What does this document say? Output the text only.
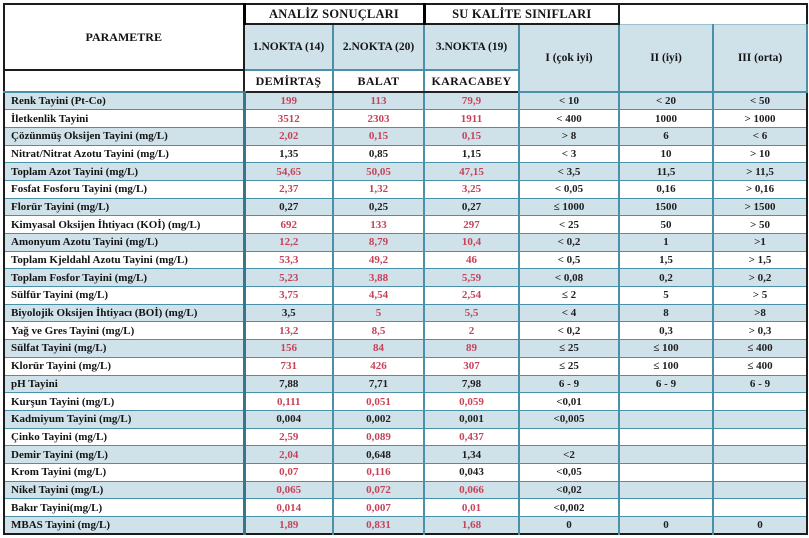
PARAMETRE	ANALİZ SONUÇLARI		SU KALİTE SINIFLARI			
	1.NOKTA (14)	2.NOKTA (20)	3.NOKTA (19)	I (çok iyi)	II (iyi)	III (orta)
	DEMİRTAŞ	BALAT	KARACABEY			
Renk Tayini (Pt-Co)	199	113	79,9	< 10	< 20	< 50
İletkenlik Tayini	3512	2303	1911	< 400	1000	> 1000
Çözünmüş Oksijen Tayini (mg/L)	2,02	0,15	0,15	> 8	6	< 6
Nitrat/Nitrat Azotu Tayini (mg/L)	1,35	0,85	1,15	< 3	10	> 10
Toplam Azot Tayini (mg/L)	54,65	50,05	47,15	< 3,5	11,5	> 11,5
Fosfat Fosforu Tayini (mg/L)	2,37	1,32	3,25	< 0,05	0,16	> 0,16
Florür Tayini (mg/L)	0,27	0,25	0,27	≤ 1000	1500	> 1500
Kimyasal Oksijen İhtiyacı (KOİ) (mg/L)	692	133	297	< 25	50	> 50
Amonyum Azotu Tayini (mg/L)	12,2	8,79	10,4	< 0,2	1	>1
Toplam Kjeldahl Azotu Tayini (mg/L)	53,3	49,2	46	< 0,5	1,5	> 1,5
Toplam Fosfor Tayini (mg/L)	5,23	3,88	5,59	< 0,08	0,2	> 0,2
Sülfür Tayini (mg/L)	3,75	4,54	2,54	≤ 2	5	> 5
Biyolojik Oksijen İhtiyacı (BOİ) (mg/L)	3,5	5	5,5	< 4	8	>8
Yağ ve Gres Tayini (mg/L)	13,2	8,5	2	< 0,2	0,3	> 0,3
Sülfat Tayini (mg/L)	156	84	89	≤ 25	≤ 100	≤ 400
Klorür Tayini (mg/L)	731	426	307	≤ 25	≤ 100	≤ 400
pH Tayini	7,88	7,71	7,98	6 - 9	6 - 9	6 - 9
Kurşun Tayini (mg/L)	0,111	0,051	0,059	<0,01		
Kadmiyum Tayini (mg/L)	0,004	0,002	0,001	<0,005		
Çinko Tayini (mg/L)	2,59	0,089	0,437			
Demir Tayini (mg/L)	2,04	0,648	1,34	<2		
Krom Tayini (mg/L)	0,07	0,116	0,043	<0,05		
Nikel Tayini (mg/L)	0,065	0,072	0,066	<0,02		
Bakır Tayini(mg/L)	0,014	0,007	0,01	<0,002		
MBAS Tayini (mg/L)	1,89	0,831	1,68	0	0	0
